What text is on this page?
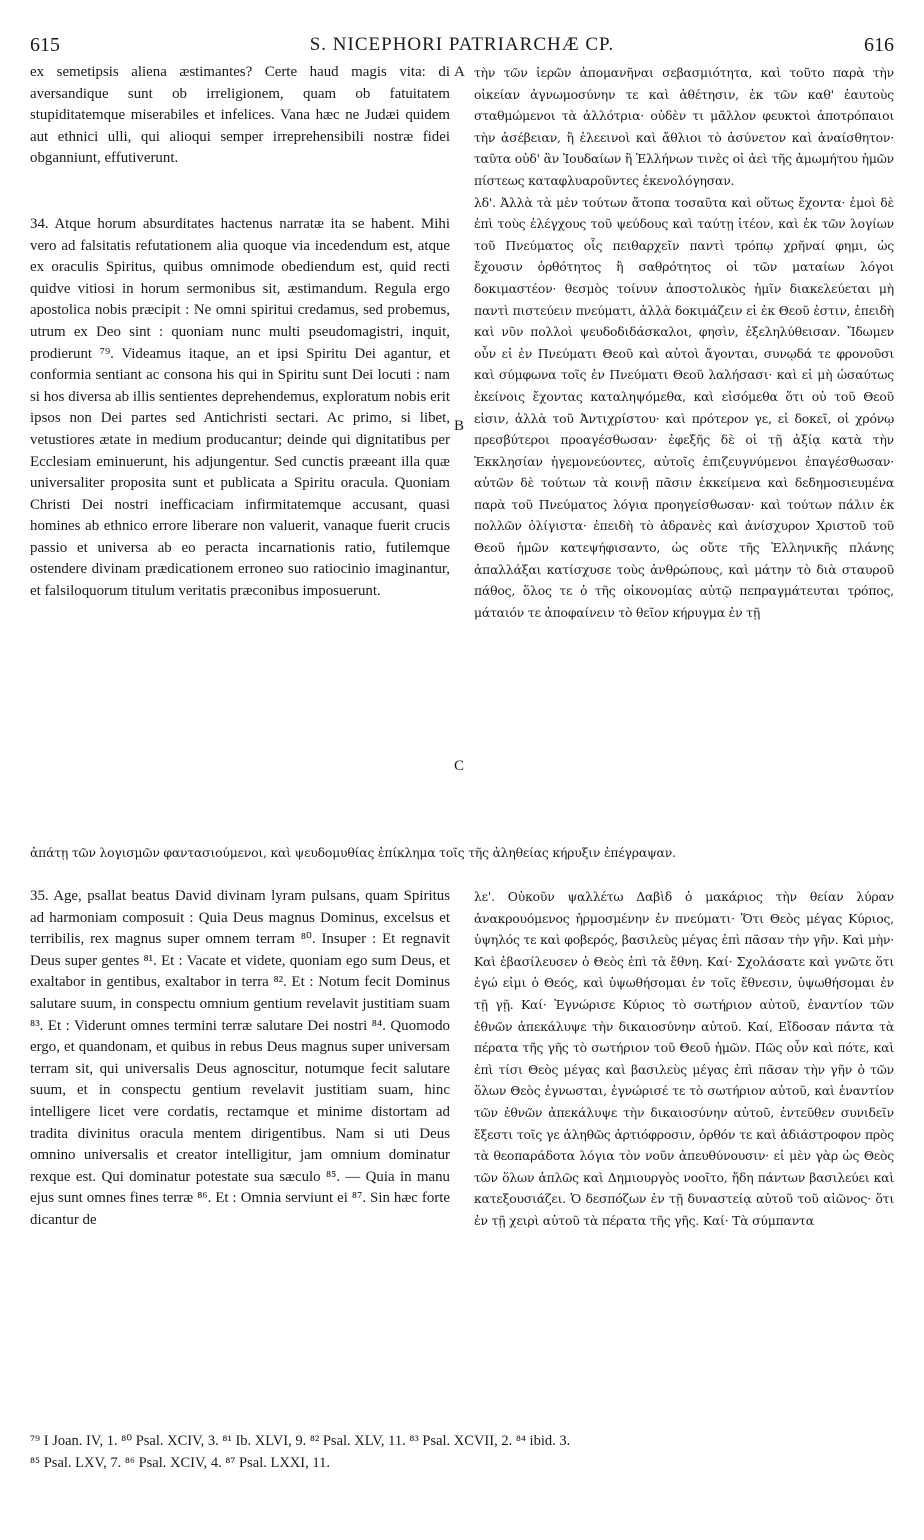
615	S. NICEPHORI PATRIARCHÆ CP.	616

ex semetipsis aliena æstimantes? Certe haud magis vita: di aversandique sunt ob irreligionem, quam ob fatuitatem stupiditatemque miserabiles et infelices. Vana hæc ne Judæi quidem aut ethnici ulli, qui alioqui semper irreprehensibili nostræ fidei obganniunt, effutiverunt.

34. Atque horum absurditates hactenus narratæ ita se habent. Mihi vero ad falsitatis refutationem alia quoque via incedendum est, atque ex oraculis Spiritus, quibus omnimode obediendum est, quid recti quidve vitiosi in horum sermonibus sit, æstimandum. Regula ergo apostolica nobis præcipit : Ne omni spiritui credamus, sed probemus, utrum ex Deo sint : quoniam nunc multi pseudomagistri, inquit, prodierunt ⁷⁹. Videamus itaque, an et ipsi Spiritu Dei agantur, et conformia sentiant ac consona his qui in Spiritu sunt Dei locuti : nam si hos diversa ab illis sentientes deprehendemus, exploratum nobis erit ipsos non Dei partes sed Antichristi sectari. Ac primo, si libet, vetustiores ætate in medium producantur; deinde qui dignitatibus per Ecclesiam eminuerunt, his adjungentur. Sed cunctis præeant illa quæ universaliter proposita sunt et publicata a Spiritu oracula. Quoniam Christi Dei nostri inefficaciam infirmitatemque accusant, quasi homines ab ethnico errore liberare non valuerit, vanaque fuerit crucis passio et universa ab eo peracta incarnationis ratio, futilemque ostendere divinam prædicationem erroneo suo ratiocinio imaginantur, et falsiloquorum titulum veritatis præconibus imposuerunt.

τὴν τῶν ἱερῶν ἀπομανῆναι σεβασμιότητα, καὶ τοῦτο παρὰ τὴν οἰκείαν ἀγνωμοσύνην τε καὶ ἀθέτησιν, ἐκ τῶν καθ' ἑαυτοὺς σταθμώμενοι τὰ ἀλλότρια· οὐδὲν τι μᾶλλον φευκτοὶ ἀποτρόπαιοι τὴν ἀσέβειαν, ἢ ἐλεεινοὶ καὶ ἄθλιοι τὸ ἀσύνετον καὶ ἀναίσθητον· ταῦτα οὐδ' ἂν Ἰουδαίων ἢ Ἑλλήνων τινὲς οἱ ἀεὶ τῆς ἀμωμήτου ἡμῶν πίστεως καταφλυαροῦντες ἐκενολόγησαν.

λδ'. Ἀλλὰ τὰ μὲν τούτων ἄτοπα τοσαῦτα καὶ οὕτως ἔχοντα· ἐμοὶ δὲ ἐπὶ τοὺς ἐλέγχους τοῦ ψεύδους καὶ ταύτῃ ἰτέον, καὶ ἐκ τῶν λογίων τοῦ Πνεύματος οἷς πειθαρχεῖν παντὶ τρόπῳ χρῆναί φημι, ὡς ἔχουσιν ὀρθότητος ἢ σαθρότητος οἱ τῶν ματαίων λόγοι δοκιμαστέον· θεσμὸς τοίνυν ἀποστολικὸς ἡμῖν διακελεύεται μὴ παντὶ πιστεύειν πνεύματι, ἀλλὰ δοκιμάζειν εἰ ἐκ Θεοῦ ἐστιν, ἐπειδὴ καὶ νῦν πολλοὶ ψευδοδιδάσκαλοι, φησὶν, ἐξεληλύθεισαν. Ἴδωμεν οὖν εἰ ἐν Πνεύματι Θεοῦ καὶ αὐτοὶ ἄγονται, συνῳδά τε φρονοῦσι καὶ σύμφωνα τοῖς ἐν Πνεύματι Θεοῦ λαλήσασι· καὶ εἰ μὴ ὡσαύτως ἐκείνοις ἔχοντας καταληψόμεθα, καὶ εἰσόμεθα ὅτι οὐ τοῦ Θεοῦ εἰσιν, ἀλλὰ τοῦ Ἀντιχρίστου· καὶ πρότερον γε, εἰ δοκεῖ, οἱ χρόνῳ πρεσβύτεροι προαγέσθωσαν· ἐφεξῆς δὲ οἱ τῇ ἀξίᾳ κατὰ τὴν Ἐκκλησίαν ἡγεμονεύοντες, αὐτοῖς ἐπιζευγνύμενοι ἐπαγέσθωσαν· αὐτῶν δὲ τούτων τὰ κοινῇ πᾶσιν ἐκκείμενα καὶ δεδημοσιευμένα παρὰ τοῦ Πνεύματος λόγια προηγείσθωσαν· καὶ τούτων πάλιν ἐκ πολλῶν ὀλίγιστα· ἐπειδὴ τὸ ἀδρανὲς καὶ ἀνίσχυρον Χριστοῦ τοῦ Θεοῦ ἡμῶν κατεψήφισαντο, ὡς οὔτε τῆς Ἑλληνικῆς πλάνης ἀπαλλάξαι κατίσχυσε τοὺς ἀνθρώπους, καὶ μάτην τὸ διὰ σταυροῦ πάθος, ὅλος τε ὁ τῆς οἰκονομίας αὐτῷ πεπραγμάτευται τρόπος, μάταιόν τε ἀποφαίνειν τὸ θεῖον κήρυγμα ἐν τῇ

A
B
C
ἀπάτῃ τῶν λογισμῶν φαντασιούμενοι, καὶ ψευδομυθίας ἐπίκλημα τοῖς τῆς ἀληθείας κήρυξιν ἐπέγραψαν.

35. Age, psallat beatus David divinam lyram pulsans, quam Spiritus ad harmoniam composuit : Quia Deus magnus Dominus, excelsus et terribilis, rex magnus super omnem terram ⁸⁰. Insuper : Et regnavit Deus super gentes ⁸¹. Et : Vacate et videte, quoniam ego sum Deus, et exaltabor in gentibus, exaltabor in terra ⁸². Et : Notum fecit Dominus salutare suum, in conspectu omnium gentium revelavit justitiam suam ⁸³. Et : Viderunt omnes termini terræ salutare Dei nostri ⁸⁴. Quomodo ergo, et quandonam, et quibus in rebus Deus magnus super universam terram sit, qui universalis Deus agnoscitur, notumque fecit salutare suum, et in conspectu gentium revelavit justitiam suam, hinc intelligere licet vere cordatis, rectamque et minime distortam ad tradita divinitus oracula mentem dirigentibus. Nam si uti Deus omnino universalis et creator intelligitur, jam omnium dominatur rexque est. Qui dominatur potestate sua sæculo ⁸⁵. — Quia in manu ejus sunt omnes fines terræ ⁸⁶. Et : Omnia serviunt ei ⁸⁷. Sin hæc forte dicantur de

λε'. Οὐκοῦν ψαλλέτω Δαβὶδ ὁ μακάριος τὴν θείαν λύραν ἀνακρουόμενος ἡρμοσμένην ἐν πνεύματι· Ὅτι Θεὸς μέγας Κύριος, ὑψηλός τε καὶ φοβερός, βασιλεὺς μέγας ἐπὶ πᾶσαν τὴν γῆν. Καὶ μὴν· Καὶ ἐβασίλευσεν ὁ Θεὸς ἐπὶ τὰ ἔθνη. Καί· Σχολάσατε καὶ γνῶτε ὅτι ἐγώ εἰμι ὁ Θεός, καὶ ὑψωθήσομαι ἐν τοῖς ἔθνεσιν, ὑψωθήσομαι ἐν τῇ γῇ. Καί· Ἐγνώρισε Κύριος τὸ σωτήριον αὐτοῦ, ἐναντίον τῶν ἐθνῶν ἀπεκάλυψε τὴν δικαιοσύνην αὐτοῦ. Καί, Εἴδοσαν πάντα τὰ πέρατα τῆς γῆς τὸ σωτήριον τοῦ Θεοῦ ἡμῶν. Πῶς οὖν καὶ πότε, καὶ ἐπὶ τίσι Θεὸς μέγας καὶ βασιλεὺς μέγας ἐπὶ πᾶσαν τὴν γῆν ὁ τῶν ὅλων Θεὸς ἐγνωσται, ἐγνώρισέ τε τὸ σωτήριον αὐτοῦ, καὶ ἐναντίον τῶν ἐθνῶν ἀπεκάλυψε τὴν δικαιοσύνην αὐτοῦ, ἐντεῦθεν συνιδεῖν ἔξεστι τοῖς γε ἀληθῶς ἀρτιόφροσιν, ὀρθόν τε καὶ ἀδιάστροφον πρὸς τὰ θεοπαράδοτα λόγια τὸν νοῦν ἀπευθύνουσιν· εἰ μὲν γὰρ ὡς Θεὸς τῶν ὅλων ἁπλῶς καὶ Δημιουργὸς νοοῖτο, ἤδη πάντων βασιλεύει καὶ κατεξουσιάζει. Ὁ δεσπόζων ἐν τῇ δυναστείᾳ αὐτοῦ τοῦ αἰῶνος· ὅτι ἐν τῇ χειρὶ αὐτοῦ τὰ πέρατα τῆς γῆς. Καί· Τὰ σύμπαντα

⁷⁹ I Joan. IV, 1. ⁸⁰ Psal. XCIV, 3. ⁸¹ Ib. XLVI, 9. ⁸² Psal. XLV, 11. ⁸³ Psal. XCVII, 2. ⁸⁴ ibid. 3.
⁸⁵ Psal. LXV, 7. ⁸⁶ Psal. XCIV, 4. ⁸⁷ Psal. LXXI, 11.
